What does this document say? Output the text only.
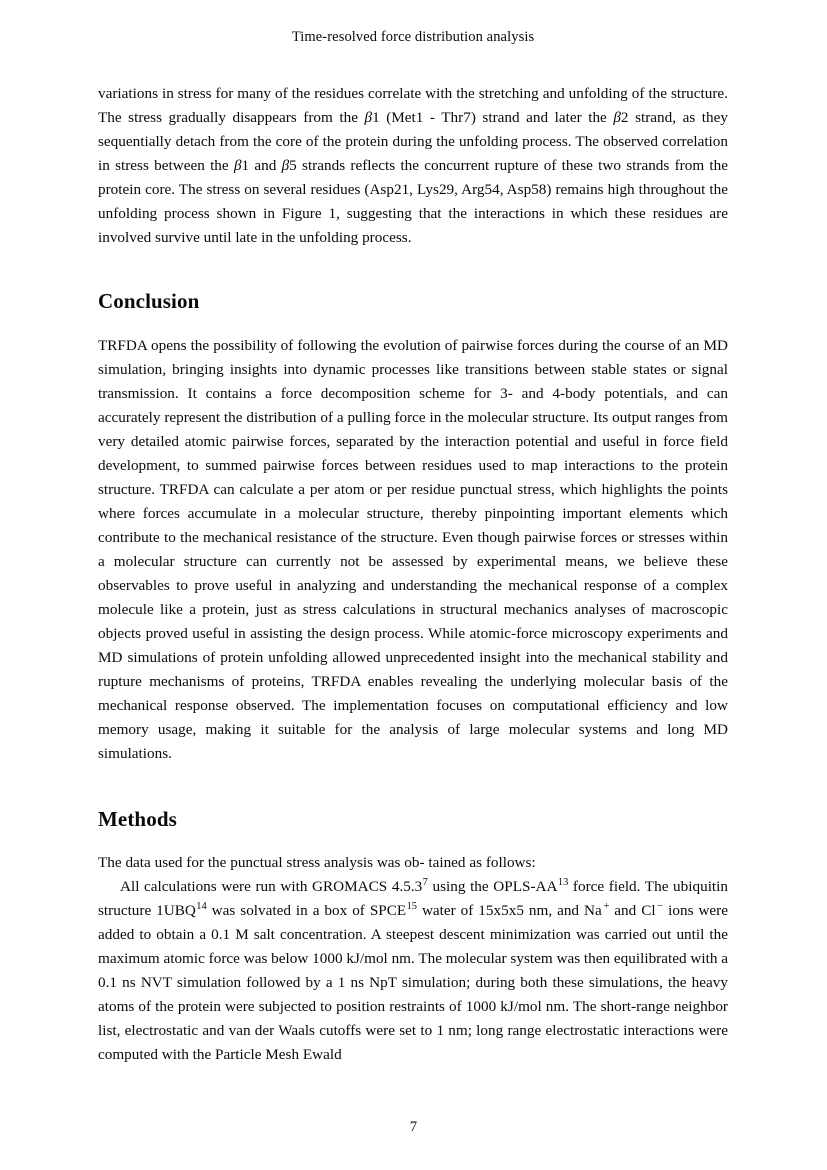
Time-resolved force distribution analysis

variations in stress for many of the residues correlate with the stretching and unfolding of the structure. The stress gradually disappears from the β1 (Met1 - Thr7) strand and later the β2 strand, as they sequentially detach from the core of the protein during the unfolding process. The observed correlation in stress between the β1 and β5 strands reflects the concurrent rupture of these two strands from the protein core. The stress on several residues (Asp21, Lys29, Arg54, Asp58) remains high throughout the unfolding process shown in Figure 1, suggesting that the interactions in which these residues are involved survive until late in the unfolding process.

Conclusion

TRFDA opens the possibility of following the evolution of pairwise forces during the course of an MD simulation, bringing insights into dynamic processes like transitions between stable states or signal transmission. It contains a force decomposition scheme for 3- and 4-body potentials, and can accurately represent the distribution of a pulling force in the molecular structure. Its output ranges from very detailed atomic pairwise forces, separated by the interaction potential and useful in force field development, to summed pairwise forces between residues used to map interactions to the protein structure. TRFDA can calculate a per atom or per residue punctual stress, which highlights the points where forces accumulate in a molecular structure, thereby pinpointing important elements which contribute to the mechanical resistance of the structure. Even though pairwise forces or stresses within a molecular structure can currently not be assessed by experimental means, we believe these observables to prove useful in analyzing and understanding the mechanical response of a complex molecule like a protein, just as stress calculations in structural mechanics analyses of macroscopic objects proved useful in assisting the design process. While atomic-force microscopy experiments and MD simulations of protein unfolding allowed unprecedented insight into the mechanical stability and rupture mechanisms of proteins, TRFDA enables revealing the underlying molecular basis of the mechanical response observed. The implementation focuses on computational efficiency and low memory usage, making it suitable for the analysis of large molecular systems and long MD simulations.

Methods

The data used for the punctual stress analysis was ob- tained as follows:

All calculations were run with GROMACS 4.5.3$^7$ using the OPLS-AA$^{13}$ force field. The ubiquitin structure 1UBQ$^{14}$ was solvated in a box of SPCE$^{15}$ water of 15x5x5 nm, and Na + and Cl − ions were added to obtain a 0.1 M salt concentration. A steepest descent minimization was carried out until the maximum atomic force was below 1000 kJ/mol nm. The molecular system was then equilibrated with a 0.1 ns NVT simulation followed by a 1 ns NpT simulation; during both these simulations, the heavy atoms of the protein were subjected to position restraints of 1000 kJ/mol nm. The short-range neighbor list, electrostatic and van der Waals cutoffs were set to 1 nm; long range electrostatic interactions were computed with the Particle Mesh Ewald

7
